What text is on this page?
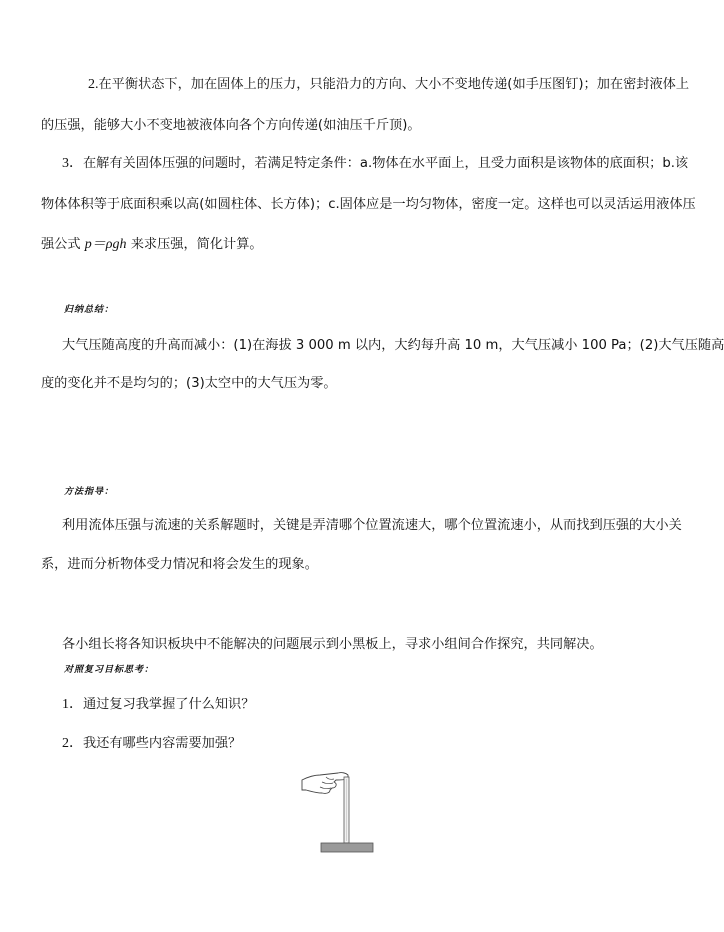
2.在平衡状态下，加在固体上的压力，只能沿力的方向、大小不变地传递(如手压图钉)；加在密封液体上

的压强，能够大小不变地被液体向各个方向传递(如油压千斤顶)。

3．在解有关固体压强的问题时，若满足特定条件：a.物体在水平面上，且受力面积是该物体的底面积；b.该

物体体积等于底面积乘以高(如圆柱体、长方体)；c.固体应是一均匀物体，密度一定。这样也可以灵活运用液体压

强公式 p＝ρgh 来求压强，简化计算。

归纳总结：

大气压随高度的升高而减小：(1)在海拔 3 000 m 以内，大约每升高 10 m，大气压减小 100 Pa；(2)大气压随高

度的变化并不是均匀的；(3)太空中的大气压为零。

方法指导：

利用流体压强与流速的关系解题时，关键是弄清哪个位置流速大，哪个位置流速小，从而找到压强的大小关

系，进而分析物体受力情况和将会发生的现象。

各小组长将各知识板块中不能解决的问题展示到小黑板上，寻求小组间合作探究，共同解决。

对照复习目标思考：

1．通过复习我掌握了什么知识？

2．我还有哪些内容需要加强？
